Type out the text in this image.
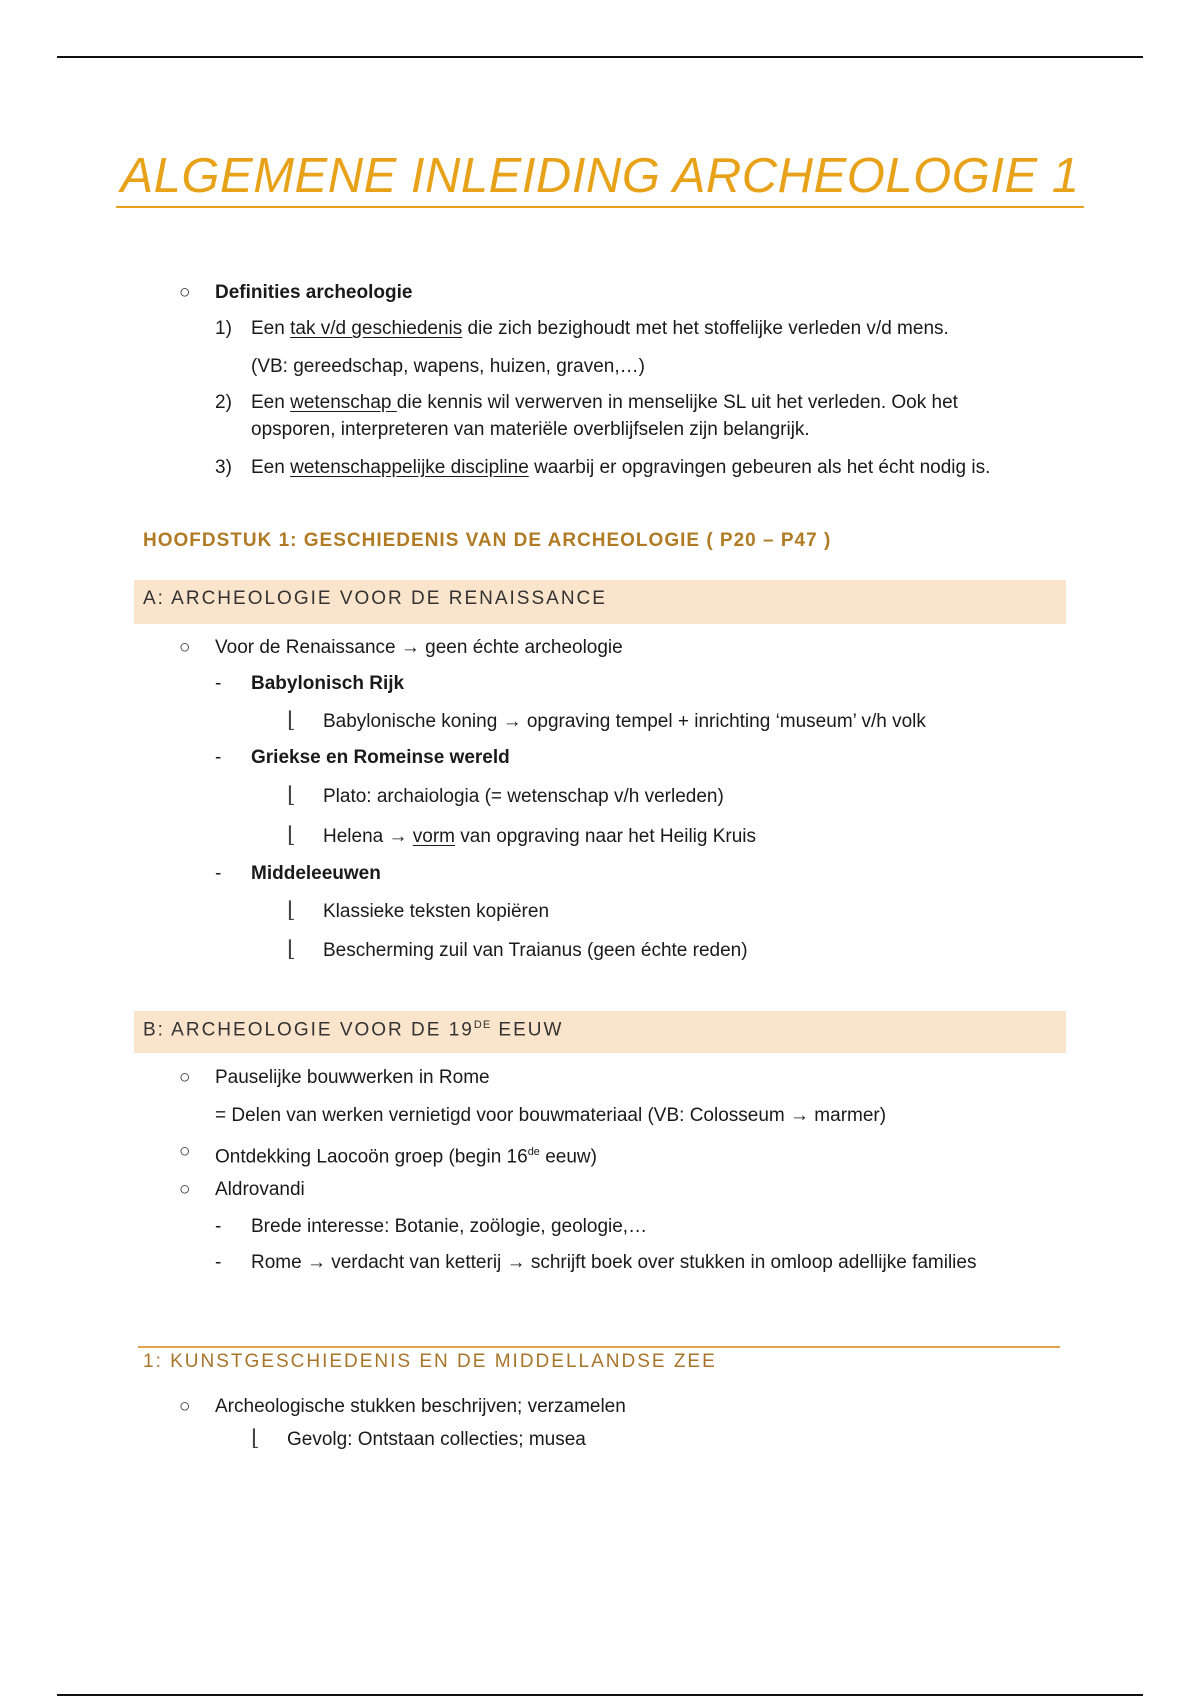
ALGEMENE INLEIDING ARCHEOLOGIE 1
○ Definities archeologie
1) Een tak v/d geschiedenis die zich bezighoudt met het stoffelijke verleden v/d mens.
(VB: gereedschap, wapens, huizen, graven,…)
2) Een wetenschap die kennis wil verwerven in menselijke SL uit het verleden. Ook het
opsporen, interpreteren van materiële overblijfselen zijn belangrijk.
3) Een wetenschappelijke discipline waarbij er opgravingen gebeuren als het écht nodig is.
HOOFDSTUK 1: GESCHIEDENIS VAN DE ARCHEOLOGIE ( P20 – P47 )
A: ARCHEOLOGIE VOOR DE RENAISSANCE
○ Voor de Renaissance → geen échte archeologie
- Babylonisch Rijk
⌊ Babylonische koning → opgraving tempel + inrichting ‘museum’ v/h volk
- Griekse en Romeinse wereld
⌊ Plato: archaiologia (= wetenschap v/h verleden)
⌊ Helena → vorm van opgraving naar het Heilig Kruis
- Middeleeuwen
⌊ Klassieke teksten kopiëren
⌊ Bescherming zuil van Traianus (geen échte reden)
B: ARCHEOLOGIE VOOR DE 19DE EEUW
○ Pauselijke bouwwerken in Rome
= Delen van werken vernietigd voor bouwmateriaal (VB: Colosseum → marmer)
○ Ontdekking Laocoön groep (begin 16de eeuw)
○ Aldrovandi
- Brede interesse: Botanie, zoölogie, geologie,…
- Rome → verdacht van ketterij → schrijft boek over stukken in omloop adellijke families
1: KUNSTGESCHIEDENIS EN DE MIDDELLANDSE ZEE
○ Archeologische stukken beschrijven; verzamelen
⌊ Gevolg: Ontstaan collecties; musea
